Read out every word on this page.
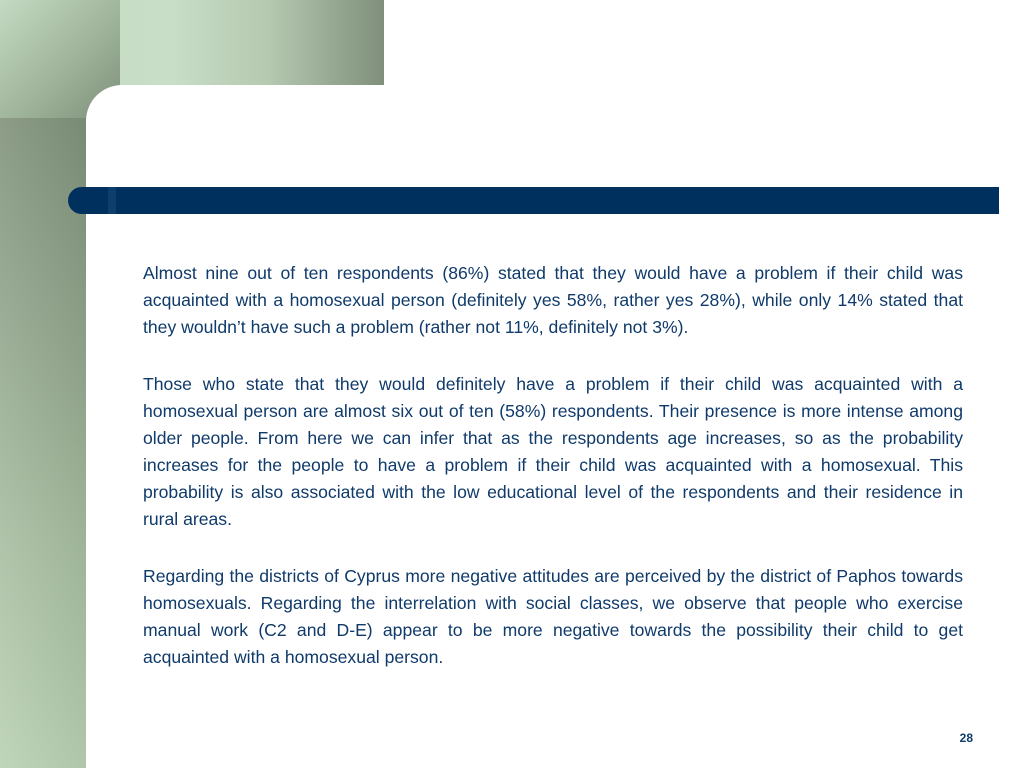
Almost nine out of ten respondents (86%) stated that they would have a problem if their child was acquainted with a homosexual person (definitely yes 58%, rather yes 28%), while only 14% stated that they wouldn’t have such a problem (rather not 11%, definitely not 3%).

Those who state that they would definitely have a problem if their child was acquainted with a homosexual person are almost six out of ten (58%) respondents. Their presence is more intense among older people. From here we can infer that as the respondents age increases, so as the probability increases for the people to have a problem if their child was acquainted with a homosexual. This probability is also associated with the low educational level of the respondents and their residence in rural areas.

Regarding the districts of Cyprus more negative attitudes are perceived by the district of Paphos towards homosexuals. Regarding the interrelation with social classes, we observe that people who exercise manual work (C2 and D-E) appear to be more negative towards the possibility their child to get acquainted with a homosexual person.

28
